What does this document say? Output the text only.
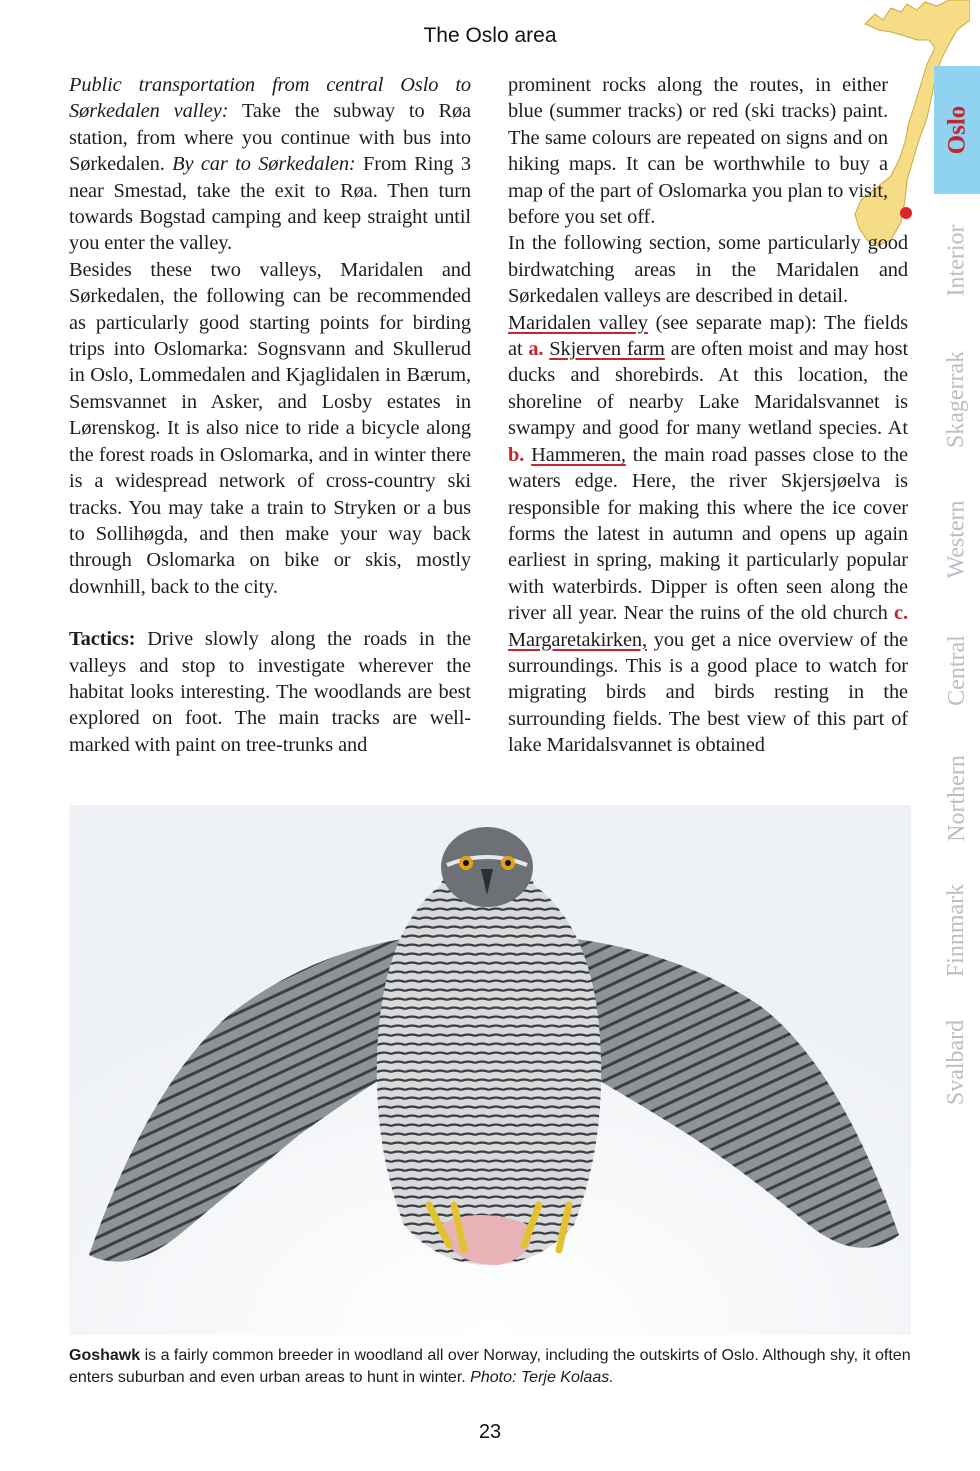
The Oslo area

Public transportation from central Oslo to Sørkedalen valley: Take the subway to Røa station, from where you continue with bus into Sørkedalen. By car to Sørkedalen: From Ring 3 near Smestad, take the exit to Røa. Then turn towards Bogstad camping and keep straight until you enter the valley.

Besides these two valleys, Maridalen and Sørkedalen, the following can be recommended as particularly good starting points for birding trips into Oslomarka: Sognsvann and Skullerud in Oslo, Lommedalen and Kjaglidalen in Bærum, Semsvannet in Asker, and Losby estates in Lørenskog. It is also nice to ride a bicycle along the forest roads in Oslomarka, and in winter there is a widespread network of cross-country ski tracks. You may take a train to Stryken or a bus to Sollihøgda, and then make your way back through Oslomarka on bike or skis, mostly downhill, back to the city.

Tactics: Drive slowly along the roads in the valleys and stop to investigate wherever the habitat looks interesting. The woodlands are best explored on foot. The main tracks are well-marked with paint on tree-trunks and

prominent rocks along the routes, in either blue (summer tracks) or red (ski tracks) paint. The same colours are repeated on signs and on hiking maps. It can be worthwhile to buy a map of the part of Oslomarka you plan to visit, before you set off.

In the following section, some particularly good birdwatching areas in the Maridalen and Sørkedalen valleys are described in detail.

Maridalen valley (see separate map): The fields at a. Skjerven farm are often moist and may host ducks and shorebirds. At this location, the shoreline of nearby Lake Maridalsvannet is swampy and good for many wetland species. At b. Hammeren, the main road passes close to the waters edge. Here, the river Skjersjøelva is responsible for making this where the ice cover forms the latest in autumn and opens up again earliest in spring, making it particularly popular with waterbirds. Dipper is often seen along the river all year. Near the ruins of the old church c. Margaretakirken, you get a nice overview of the surroundings. This is a good place to watch for migrating birds and birds resting in the surrounding fields. The best view of this part of lake Maridalsvannet is obtained

Goshawk is a fairly common breeder in woodland all over Norway, including the outskirts of Oslo. Although shy, it often enters suburban and even urban areas to hunt in winter. Photo: Terje Kolaas.
23
Oslo
Interior
Skagerrak
Western
Central
Northern
Finnmark
Svalbard
